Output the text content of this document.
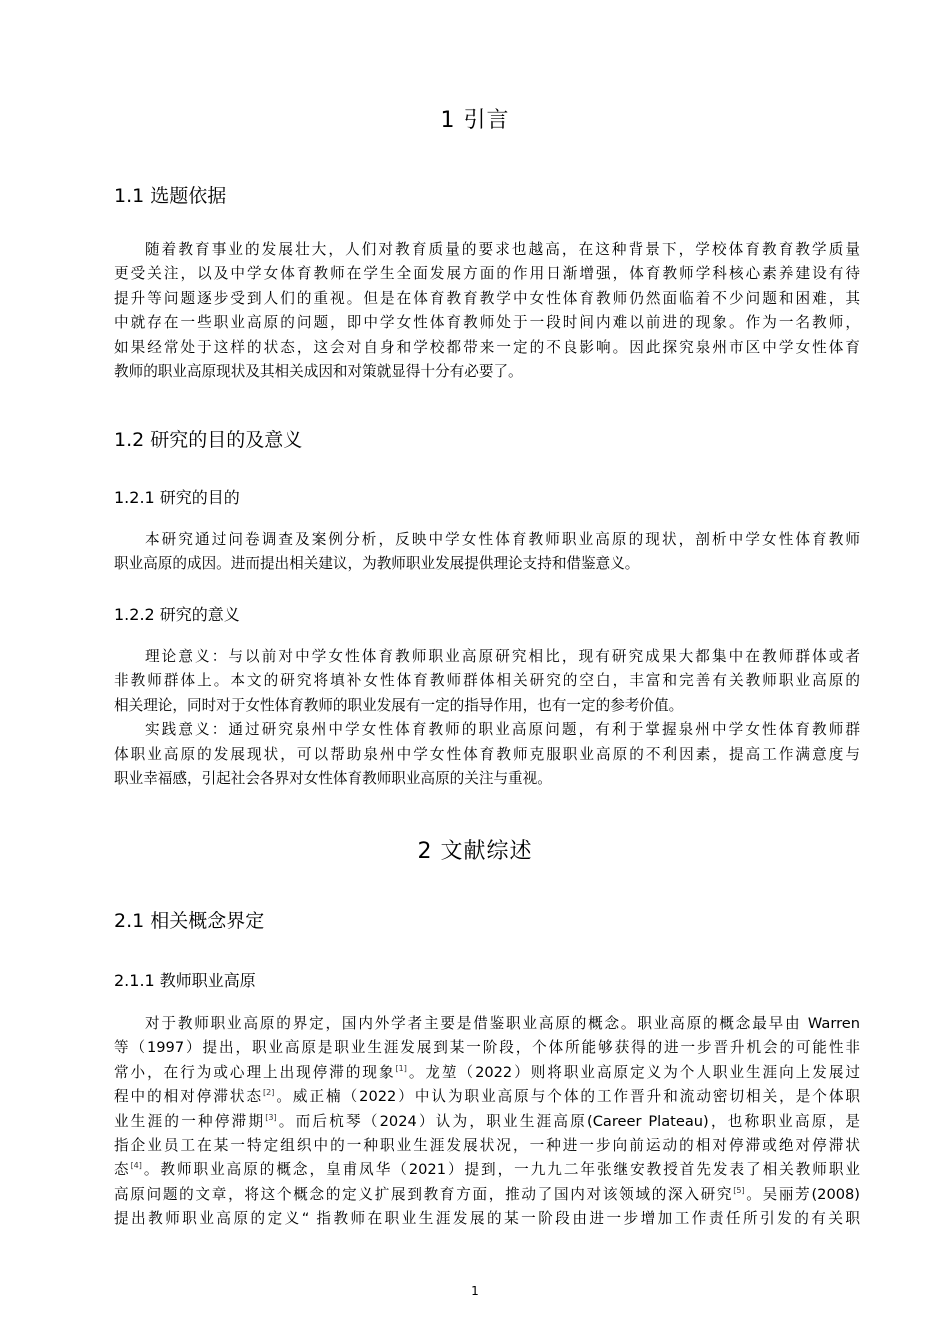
1 引言
1.1 选题依据
随着教育事业的发展壮大，人们对教育质量的要求也越高，在这种背景下，学校体育教育教学质量
更受关注，以及中学女体育教师在学生全面发展方面的作用日渐增强，体育教师学科核心素养建设有待
提升等问题逐步受到人们的重视。但是在体育教育教学中女性体育教师仍然面临着不少问题和困难，其
中就存在一些职业高原的问题，即中学女性体育教师处于一段时间内难以前进的现象。作为一名教师，
如果经常处于这样的状态，这会对自身和学校都带来一定的不良影响。因此探究泉州市区中学女性体育
教师的职业高原现状及其相关成因和对策就显得十分有必要了。
1.2 研究的目的及意义
1.2.1 研究的目的
本研究通过问卷调查及案例分析，反映中学女性体育教师职业高原的现状，剖析中学女性体育教师
职业高原的成因。进而提出相关建议，为教师职业发展提供理论支持和借鉴意义。
1.2.2 研究的意义
理论意义：与以前对中学女性体育教师职业高原研究相比，现有研究成果大都集中在教师群体或者
非教师群体上。本文的研究将填补女性体育教师群体相关研究的空白，丰富和完善有关教师职业高原的
相关理论，同时对于女性体育教师的职业发展有一定的指导作用，也有一定的参考价值。
实践意义：通过研究泉州中学女性体育教师的职业高原问题，有利于掌握泉州中学女性体育教师群
体职业高原的发展现状，可以帮助泉州中学女性体育教师克服职业高原的不利因素，提高工作满意度与
职业幸福感，引起社会各界对女性体育教师职业高原的关注与重视。
2 文献综述
2.1 相关概念界定
2.1.1 教师职业高原
对于教师职业高原的界定，国内外学者主要是借鉴职业高原的概念。职业高原的概念最早由 Warren
等（1997）提出，职业高原是职业生涯发展到某一阶段，个体所能够获得的进一步晋升机会的可能性非
常小，在行为或心理上出现停滞的现象[1]。龙堃（2022）则将职业高原定义为个人职业生涯向上发展过
程中的相对停滞状态[2]。威正楠（2022）中认为职业高原与个体的工作晋升和流动密切相关，是个体职
业生涯的一种停滞期[3]。而后杭琴（2024）认为，职业生涯高原(Career Plateau)，也称职业高原，是
指企业员工在某一特定组织中的一种职业生涯发展状况，一种进一步向前运动的相对停滞或绝对停滞状
态[4]。教师职业高原的概念，皇甫凤华（2021）提到，一九九二年张继安教授首先发表了相关教师职业
高原问题的文章，将这个概念的定义扩展到教育方面，推动了国内对该领域的深入研究[5]。吴丽芳(2008)
提出教师职业高原的定义“ 指教师在职业生涯发展的某一阶段由进一步增加工作责任所引发的有关职
1
